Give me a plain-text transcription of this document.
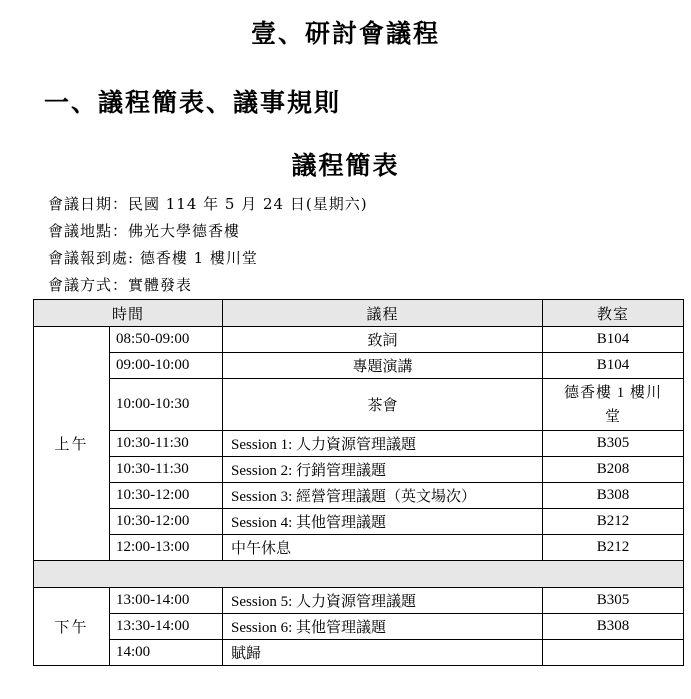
壹、研討會議程
一、議程簡表、議事規則
議程簡表
會議日期：民國 114 年 5 月 24 日(星期六)
會議地點：佛光大學德香樓
會議報到處: 德香樓 1 樓川堂
會議方式：實體發表
時間		議程	教室
上午	08:50-09:00	致詞	B104
	09:00-10:00	專題演講	B104
	10:00-10:30	茶會	德香樓 1 樓川堂
	10:30-11:30	Session 1: 人力資源管理議題	B305
	10:30-11:30	Session 2: 行銷管理議題	B208
	10:30-12:00	Session 3: 經營管理議題（英文場次）	B308
	10:30-12:00	Session 4: 其他管理議題	B212
	12:00-13:00	中午休息	B212

下午	13:00-14:00	Session 5: 人力資源管理議題	B305
	13:30-14:00	Session 6: 其他管理議題	B308
	14:00	賦歸	
